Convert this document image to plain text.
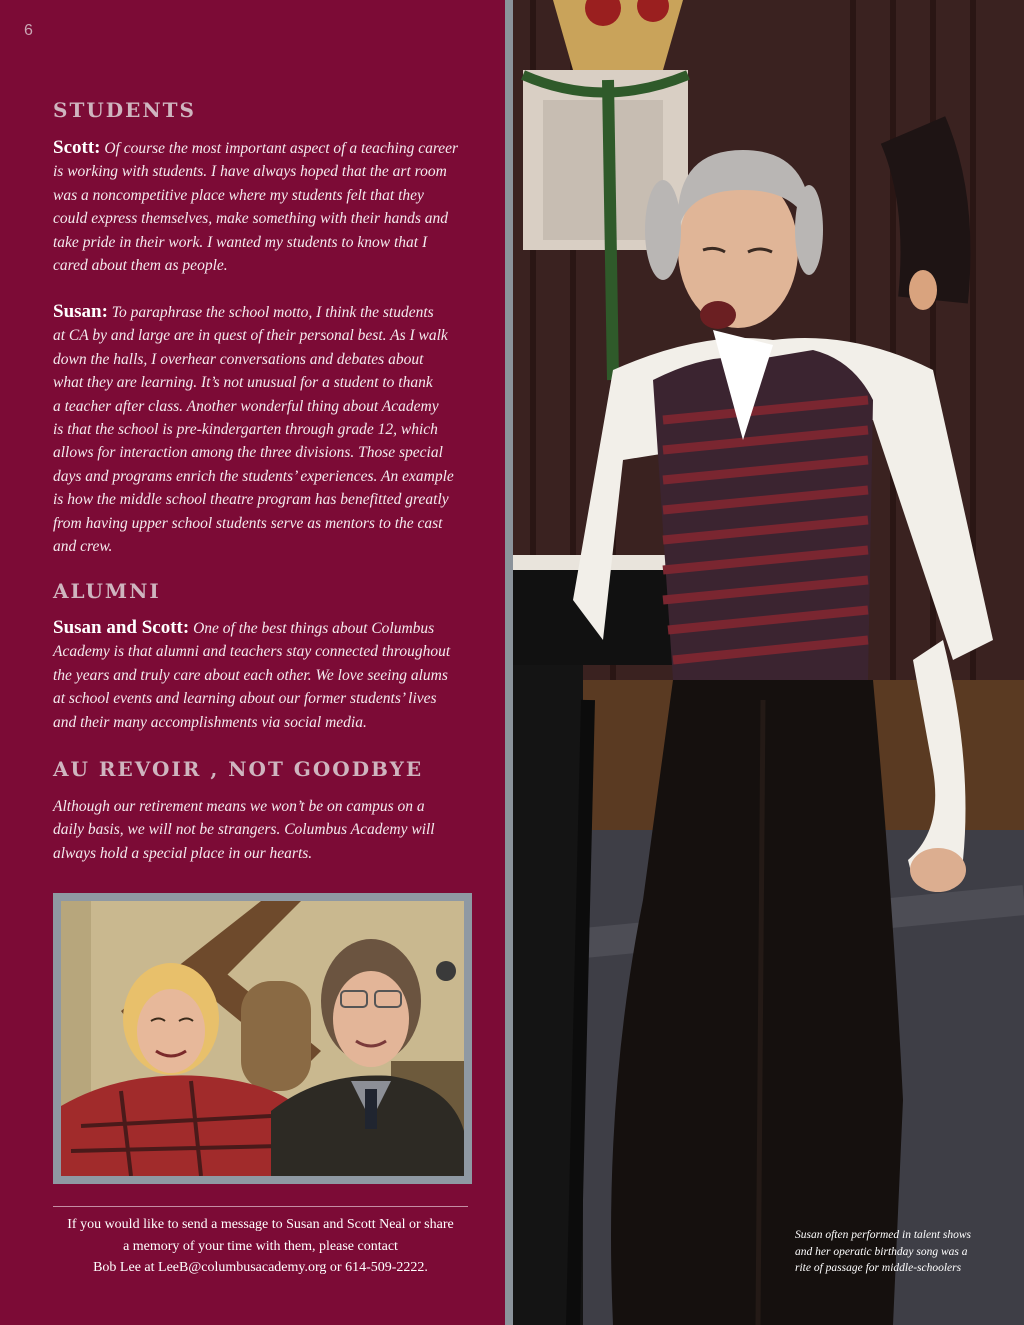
6
STUDENTS

Scott: Of course the most important aspect of a teaching career
is working with students. I have always hoped that the art room
was a noncompetitive place where my students felt that they
could express themselves, make something with their hands and
take pride in their work. I wanted my students to know that I
cared about them as people.

Susan: To paraphrase the school motto, I think the students
at CA by and large are in quest of their personal best. As I walk
down the halls, I overhear conversations and debates about
what they are learning. It’s not unusual for a student to thank
a teacher after class. Another wonderful thing about Academy
is that the school is pre-kindergarten through grade 12, which
allows for interaction among the three divisions. Those special
days and programs enrich the students’ experiences. An example
is how the middle school theatre program has benefitted greatly
from having upper school students serve as mentors to the cast
and crew.

ALUMNI

Susan and Scott: One of the best things about Columbus
Academy is that alumni and teachers stay connected throughout
the years and truly care about each other. We love seeing alums
at school events and learning about our former students’ lives
and their many accomplishments via social media.

AU REVOIR , NOT GOODBYE

Although our retirement means we won’t be on campus on a
daily basis, we will not be strangers. Columbus Academy will
always hold a special place in our hearts.

If you would like to send a message to Susan and Scott Neal or share
a memory of your time with them, please contact
Bob Lee at LeeB@columbusacademy.org or 614-509-2222.

Susan often performed in talent shows
and her operatic birthday song was a
rite of passage for middle-schoolers
